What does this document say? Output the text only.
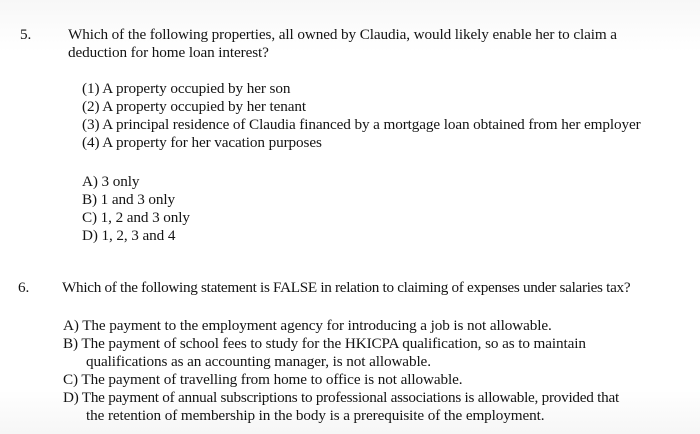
5. Which of the following properties, all owned by Claudia, would likely enable her to claim a
deduction for home loan interest?
(1) A property occupied by her son
(2) A property occupied by her tenant
(3) A principal residence of Claudia financed by a mortgage loan obtained from her employer
(4) A property for her vacation purposes
A) 3 only
B) 1 and 3 only
C) 1, 2 and 3 only
D) 1, 2, 3 and 4
6. Which of the following statement is FALSE in relation to claiming of expenses under salaries tax?
A) The payment to the employment agency for introducing a job is not allowable.
B) The payment of school fees to study for the HKICPA qualification, so as to maintain
qualifications as an accounting manager, is not allowable.
C) The payment of travelling from home to office is not allowable.
D) The payment of annual subscriptions to professional associations is allowable, provided that
the retention of membership in the body is a prerequisite of the employment.
